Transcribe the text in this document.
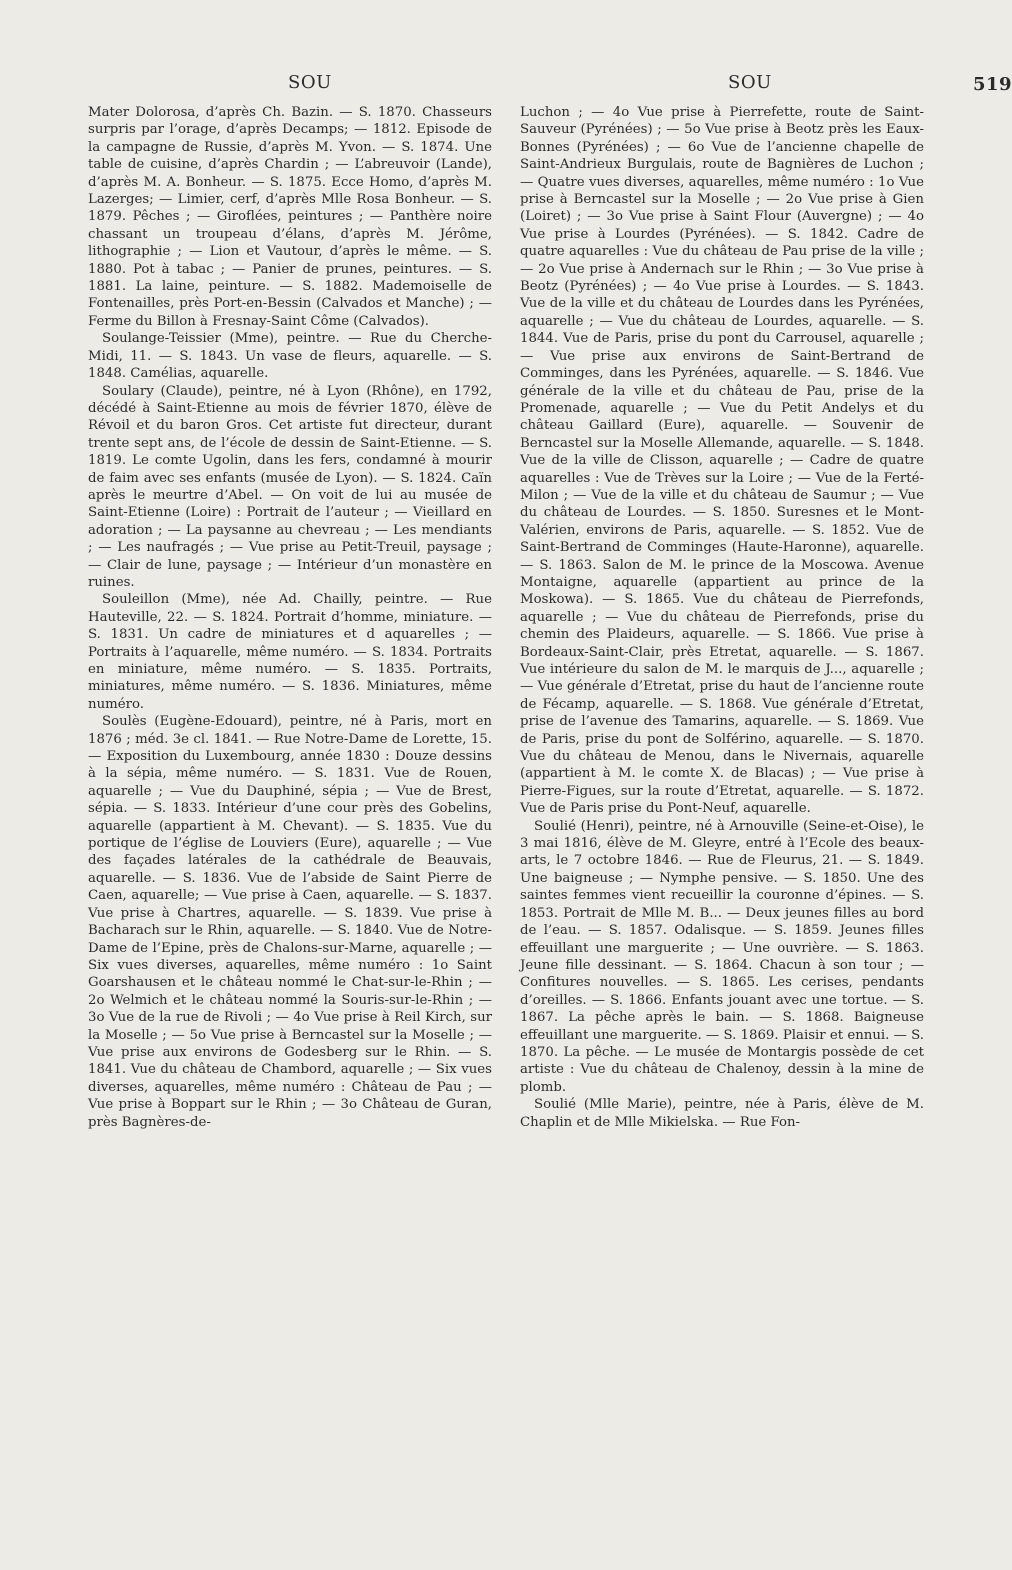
SOU	SOU	519

Mater Dolorosa, d’après Ch. Bazin. — S. 1870. Chasseurs surpris par l’orage, d’après Decamps; — 1812. Episode de la campagne de Russie, d’après M. Yvon. — S. 1874. Une table de cuisine, d’après Chardin ; — L’abreuvoir (Lande), d’après M. A. Bonheur. — S. 1875. Ecce Homo, d’après M. Lazerges; — Limier, cerf, d’après Mlle Rosa Bonheur. — S. 1879. Pêches ; — Giroflées, peintures ; — Panthère noire chassant un troupeau d’élans, d’après M. Jérôme, lithographie ; — Lion et Vautour, d’après le même. — S. 1880. Pot à tabac ; — Panier de prunes, peintures. — S. 1881. La laine, peinture. — S. 1882. Mademoiselle de Fontenailles, près Port-en-Bessin (Calvados et Manche) ; — Ferme du Billon à Fresnay-Saint Côme (Calvados).

Soulange-Teissier (Mme), peintre. — Rue du Cherche-Midi, 11. — S. 1843. Un vase de fleurs, aquarelle. — S. 1848. Camélias, aquarelle.

Soulary (Claude), peintre, né à Lyon (Rhône), en 1792, décédé à Saint-Etienne au mois de février 1870, élève de Révoil et du baron Gros. Cet artiste fut directeur, durant trente sept ans, de l’école de dessin de Saint-Etienne. — S. 1819. Le comte Ugolin, dans les fers, condamné à mourir de faim avec ses enfants (musée de Lyon). — S. 1824. Caïn après le meurtre d’Abel. — On voit de lui au musée de Saint-Etienne (Loire) : Portrait de l’auteur ; — Vieillard en adoration ; — La paysanne au chevreau ; — Les mendiants ; — Les naufragés ; — Vue prise au Petit-Treuil, paysage ; — Clair de lune, paysage ; — Intérieur d’un monastère en ruines.

Souleillon (Mme), née Ad. Chailly, peintre. — Rue Hauteville, 22. — S. 1824. Portrait d’homme, miniature. — S. 1831. Un cadre de miniatures et d aquarelles ; — Portraits à l’aquarelle, même numéro. — S. 1834. Portraits en miniature, même numéro. — S. 1835. Portraits, miniatures, même numéro. — S. 1836. Miniatures, même numéro.

Soulès (Eugène-Edouard), peintre, né à Paris, mort en 1876 ; méd. 3e cl. 1841. — Rue Notre-Dame de Lorette, 15. — Exposition du Luxembourg, année 1830 : Douze dessins à la sépia, même numéro. — S. 1831. Vue de Rouen, aquarelle ; — Vue du Dauphiné, sépia ; — Vue de Brest, sépia. — S. 1833. Intérieur d’une cour près des Gobelins, aquarelle (appartient à M. Chevant). — S. 1835. Vue du portique de l’église de Louviers (Eure), aquarelle ; — Vue des façades latérales de la cathédrale de Beauvais, aquarelle. — S. 1836. Vue de l’abside de Saint Pierre de Caen, aquarelle; — Vue prise à Caen, aquarelle. — S. 1837. Vue prise à Chartres, aquarelle. — S. 1839. Vue prise à Bacharach sur le Rhin, aquarelle. — S. 1840. Vue de Notre-Dame de l’Epine, près de Chalons-sur-Marne, aquarelle ; — Six vues diverses, aquarelles, même numéro : 1o Saint Goarshausen et le château nommé le Chat-sur-le-Rhin ; — 2o Welmich et le château nommé la Souris-sur-le-Rhin ; — 3o Vue de la rue de Rivoli ; — 4o Vue prise à Reil Kirch, sur la Moselle ; — 5o Vue prise à Berncastel sur la Moselle ; — Vue prise aux environs de Godesberg sur le Rhin. — S. 1841. Vue du château de Chambord, aquarelle ; — Six vues diverses, aquarelles, même numéro : Château de Pau ; — Vue prise à Boppart sur le Rhin ; — 3o Château de Guran, près Bagnères-de-

Luchon ; — 4o Vue prise à Pierrefette, route de Saint-Sauveur (Pyrénées) ; — 5o Vue prise à Beotz près les Eaux-Bonnes (Pyrénées) ; — 6o Vue de l’ancienne chapelle de Saint-Andrieux Burgulais, route de Bagnières de Luchon ; — Quatre vues diverses, aquarelles, même numéro : 1o Vue prise à Berncastel sur la Moselle ; — 2o Vue prise à Gien (Loiret) ; — 3o Vue prise à Saint Flour (Auvergne) ; — 4o Vue prise à Lourdes (Pyrénées). — S. 1842. Cadre de quatre aquarelles : Vue du château de Pau prise de la ville ; — 2o Vue prise à Andernach sur le Rhin ; — 3o Vue prise à Beotz (Pyrénées) ; — 4o Vue prise à Lourdes. — S. 1843. Vue de la ville et du château de Lourdes dans les Pyrénées, aquarelle ; — Vue du château de Lourdes, aquarelle. — S. 1844. Vue de Paris, prise du pont du Carrousel, aquarelle ; — Vue prise aux environs de Saint-Bertrand de Comminges, dans les Pyrénées, aquarelle. — S. 1846. Vue générale de la ville et du château de Pau, prise de la Promenade, aquarelle ; — Vue du Petit Andelys et du château Gaillard (Eure), aquarelle. — Souvenir de Berncastel sur la Moselle Allemande, aquarelle. — S. 1848. Vue de la ville de Clisson, aquarelle ; — Cadre de quatre aquarelles : Vue de Trèves sur la Loire ; — Vue de la Ferté-Milon ; — Vue de la ville et du château de Saumur ; — Vue du château de Lourdes. — S. 1850. Suresnes et le Mont-Valérien, environs de Paris, aquarelle. — S. 1852. Vue de Saint-Bertrand de Comminges (Haute-Haronne), aquarelle. — S. 1863. Salon de M. le prince de la Moscowa. Avenue Montaigne, aquarelle (appartient au prince de la Moskowa). — S. 1865. Vue du château de Pierrefonds, aquarelle ; — Vue du château de Pierrefonds, prise du chemin des Plaideurs, aquarelle. — S. 1866. Vue prise à Bordeaux-Saint-Clair, près Etretat, aquarelle. — S. 1867. Vue intérieure du salon de M. le marquis de J..., aquarelle ; — Vue générale d’Etretat, prise du haut de l’ancienne route de Fécamp, aquarelle. — S. 1868. Vue générale d’Etretat, prise de l’avenue des Tamarins, aquarelle. — S. 1869. Vue de Paris, prise du pont de Solférino, aquarelle. — S. 1870. Vue du château de Menou, dans le Nivernais, aquarelle (appartient à M. le comte X. de Blacas) ; — Vue prise à Pierre-Figues, sur la route d’Etretat, aquarelle. — S. 1872. Vue de Paris prise du Pont-Neuf, aquarelle.

Soulié (Henri), peintre, né à Arnouville (Seine-et-Oise), le 3 mai 1816, élève de M. Gleyre, entré à l’Ecole des beaux-arts, le 7 octobre 1846. — Rue de Fleurus, 21. — S. 1849. Une baigneuse ; — Nymphe pensive. — S. 1850. Une des saintes femmes vient recueillir la couronne d’épines. — S. 1853. Portrait de Mlle M. B... — Deux jeunes filles au bord de l’eau. — S. 1857. Odalisque. — S. 1859. Jeunes filles effeuillant une marguerite ; — Une ouvrière. — S. 1863. Jeune fille dessinant. — S. 1864. Chacun à son tour ; — Confitures nouvelles. — S. 1865. Les cerises, pendants d’oreilles. — S. 1866. Enfants jouant avec une tortue. — S. 1867. La pêche après le bain. — S. 1868. Baigneuse effeuillant une marguerite. — S. 1869. Plaisir et ennui. — S. 1870. La pêche. — Le musée de Montargis possède de cet artiste : Vue du château de Chalenoy, dessin à la mine de plomb.

Soulié (Mlle Marie), peintre, née à Paris, élève de M. Chaplin et de Mlle Mikielska. — Rue Fon-
